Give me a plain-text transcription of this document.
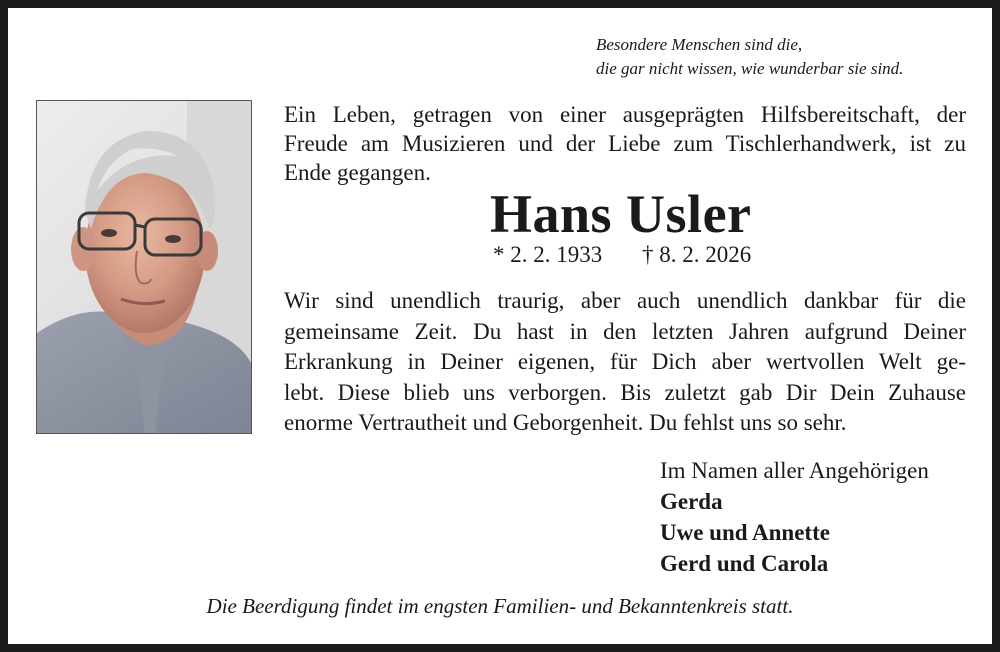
Besondere Menschen sind die,
die gar nicht wissen, wie wunderbar sie sind.
Ein Leben, getragen von einer ausgeprägten Hilfsbereitschaft, der
Freude am Musizieren und der Liebe zum Tischlerhandwerk, ist zu
Ende gegangen.
Hans Usler
* 2. 2. 1933 † 8. 2. 2026
Wir sind unendlich traurig, aber auch unendlich dankbar für die
gemeinsame Zeit. Du hast in den letzten Jahren aufgrund Deiner
Erkrankung in Deiner eigenen, für Dich aber wertvollen Welt ge-
lebt. Diese blieb uns verborgen. Bis zuletzt gab Dir Dein Zuhause
enorme Vertrautheit und Geborgenheit. Du fehlst uns so sehr.
Im Namen aller Angehörigen
Gerda
Uwe und Annette
Gerd und Carola
Die Beerdigung findet im engsten Familien- und Bekanntenkreis statt.
